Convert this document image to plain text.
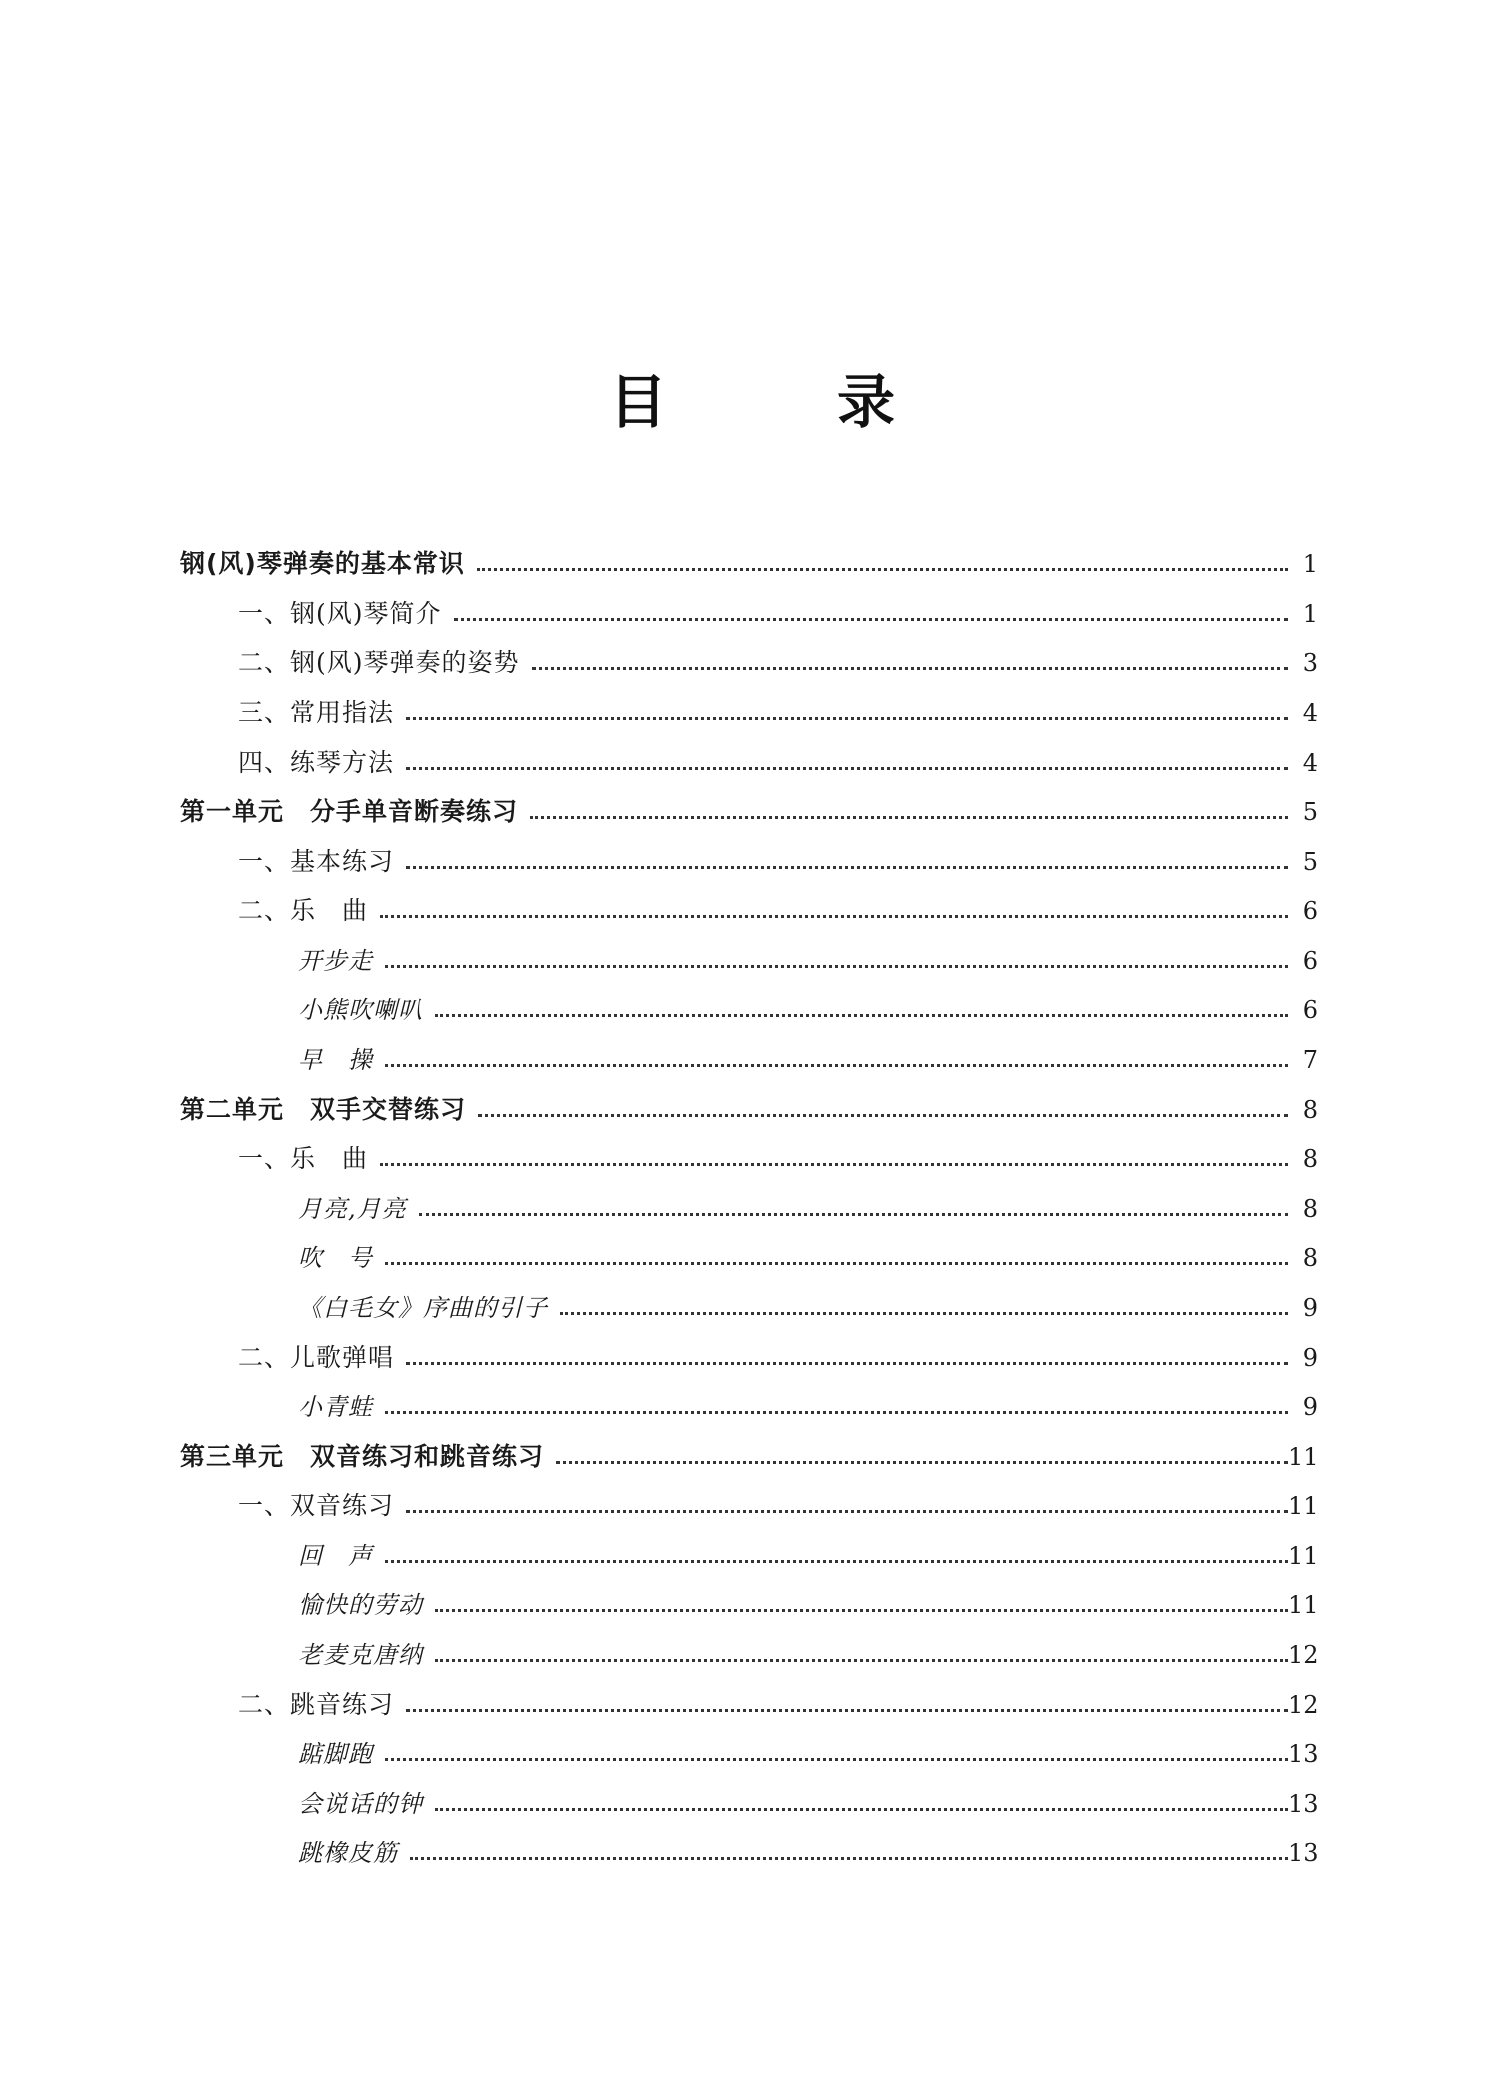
目	录
钢(风)琴弹奏的基本常识	1
一、钢(风)琴简介	1
二、钢(风)琴弹奏的姿势	3
三、常用指法	4
四、练琴方法	4
第一单元　分手单音断奏练习	5
一、基本练习	5
二、乐　曲	6
开步走	6
小熊吹喇叭	6
早　操	7
第二单元　双手交替练习	8
一、乐　曲	8
月亮,月亮	8
吹　号	8
《白毛女》序曲的引子	9
二、儿歌弹唱	9
小青蛙	9
第三单元　双音练习和跳音练习	11
一、双音练习	11
回　声	11
愉快的劳动	11
老麦克唐纳	12
二、跳音练习	12
踮脚跑	13
会说话的钟	13
跳橡皮筋	13
